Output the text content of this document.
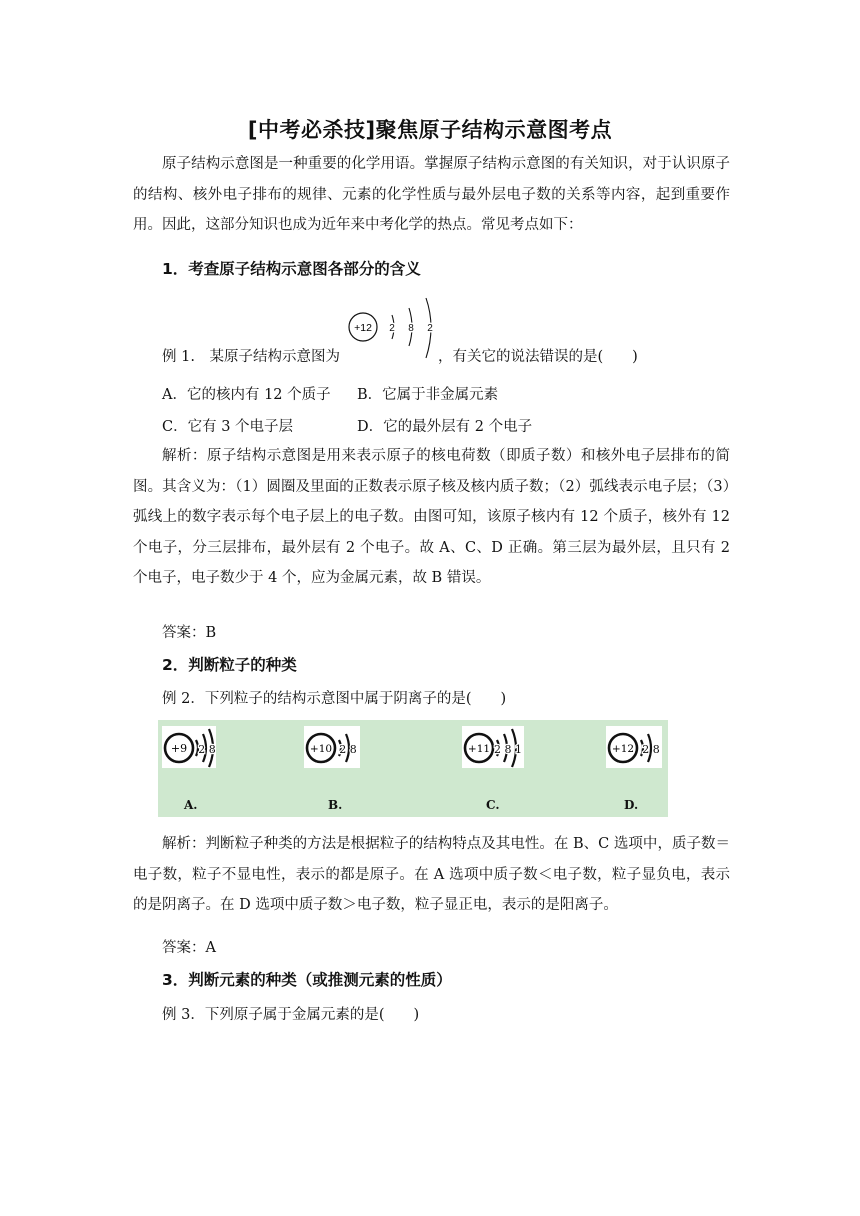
[中考必杀技]聚焦原子结构示意图考点

原子结构示意图是一种重要的化学用语。掌握原子结构示意图的有关知识，对于认识原子的结构、核外电子排布的规律、元素的化学性质与最外层电子数的关系等内容，起到重要作用。因此，这部分知识也成为近年来中考化学的热点。常见考点如下：

1．考查原子结构示意图各部分的含义
例 1.　某原子结构示意图为
+12 2 8 2
，有关它的说法错误的是(　　)
A．它的核内有 12 个质子 B．它属于非金属元素
C．它有 3 个电子层	D．它的最外层有 2 个电子

解析：原子结构示意图是用来表示原子的核电荷数（即质子数）和核外电子层排布的简图。其含义为：（1）圆圈及里面的正数表示原子核及核内质子数；（2）弧线表示电子层；（3）弧线上的数字表示每个电子层上的电子数。由图可知，该原子核内有 12 个质子，核外有 12 个电子，分三层排布，最外层有 2 个电子。故 A、C、D 正确。第三层为最外层，且只有 2 个电子，电子数少于 4 个，应为金属元素，故 B 错误。

答案：B
2．判断粒子的种类
例 2．下列粒子的结构示意图中属于阴离子的是(　　)
+9 2 8	+10 2 8	+11 2 8 1	+12 2 8
A.	B.	C.	D.

解析：判断粒子种类的方法是根据粒子的结构特点及其电性。在 B、C 选项中，质子数＝电子数，粒子不显电性，表示的都是原子。在 A 选项中质子数＜电子数，粒子显负电，表示的是阴离子。在 D 选项中质子数＞电子数，粒子显正电，表示的是阳离子。

答案：A
3．判断元素的种类（或推测元素的性质）
例 3．下列原子属于金属元素的是(　　)
